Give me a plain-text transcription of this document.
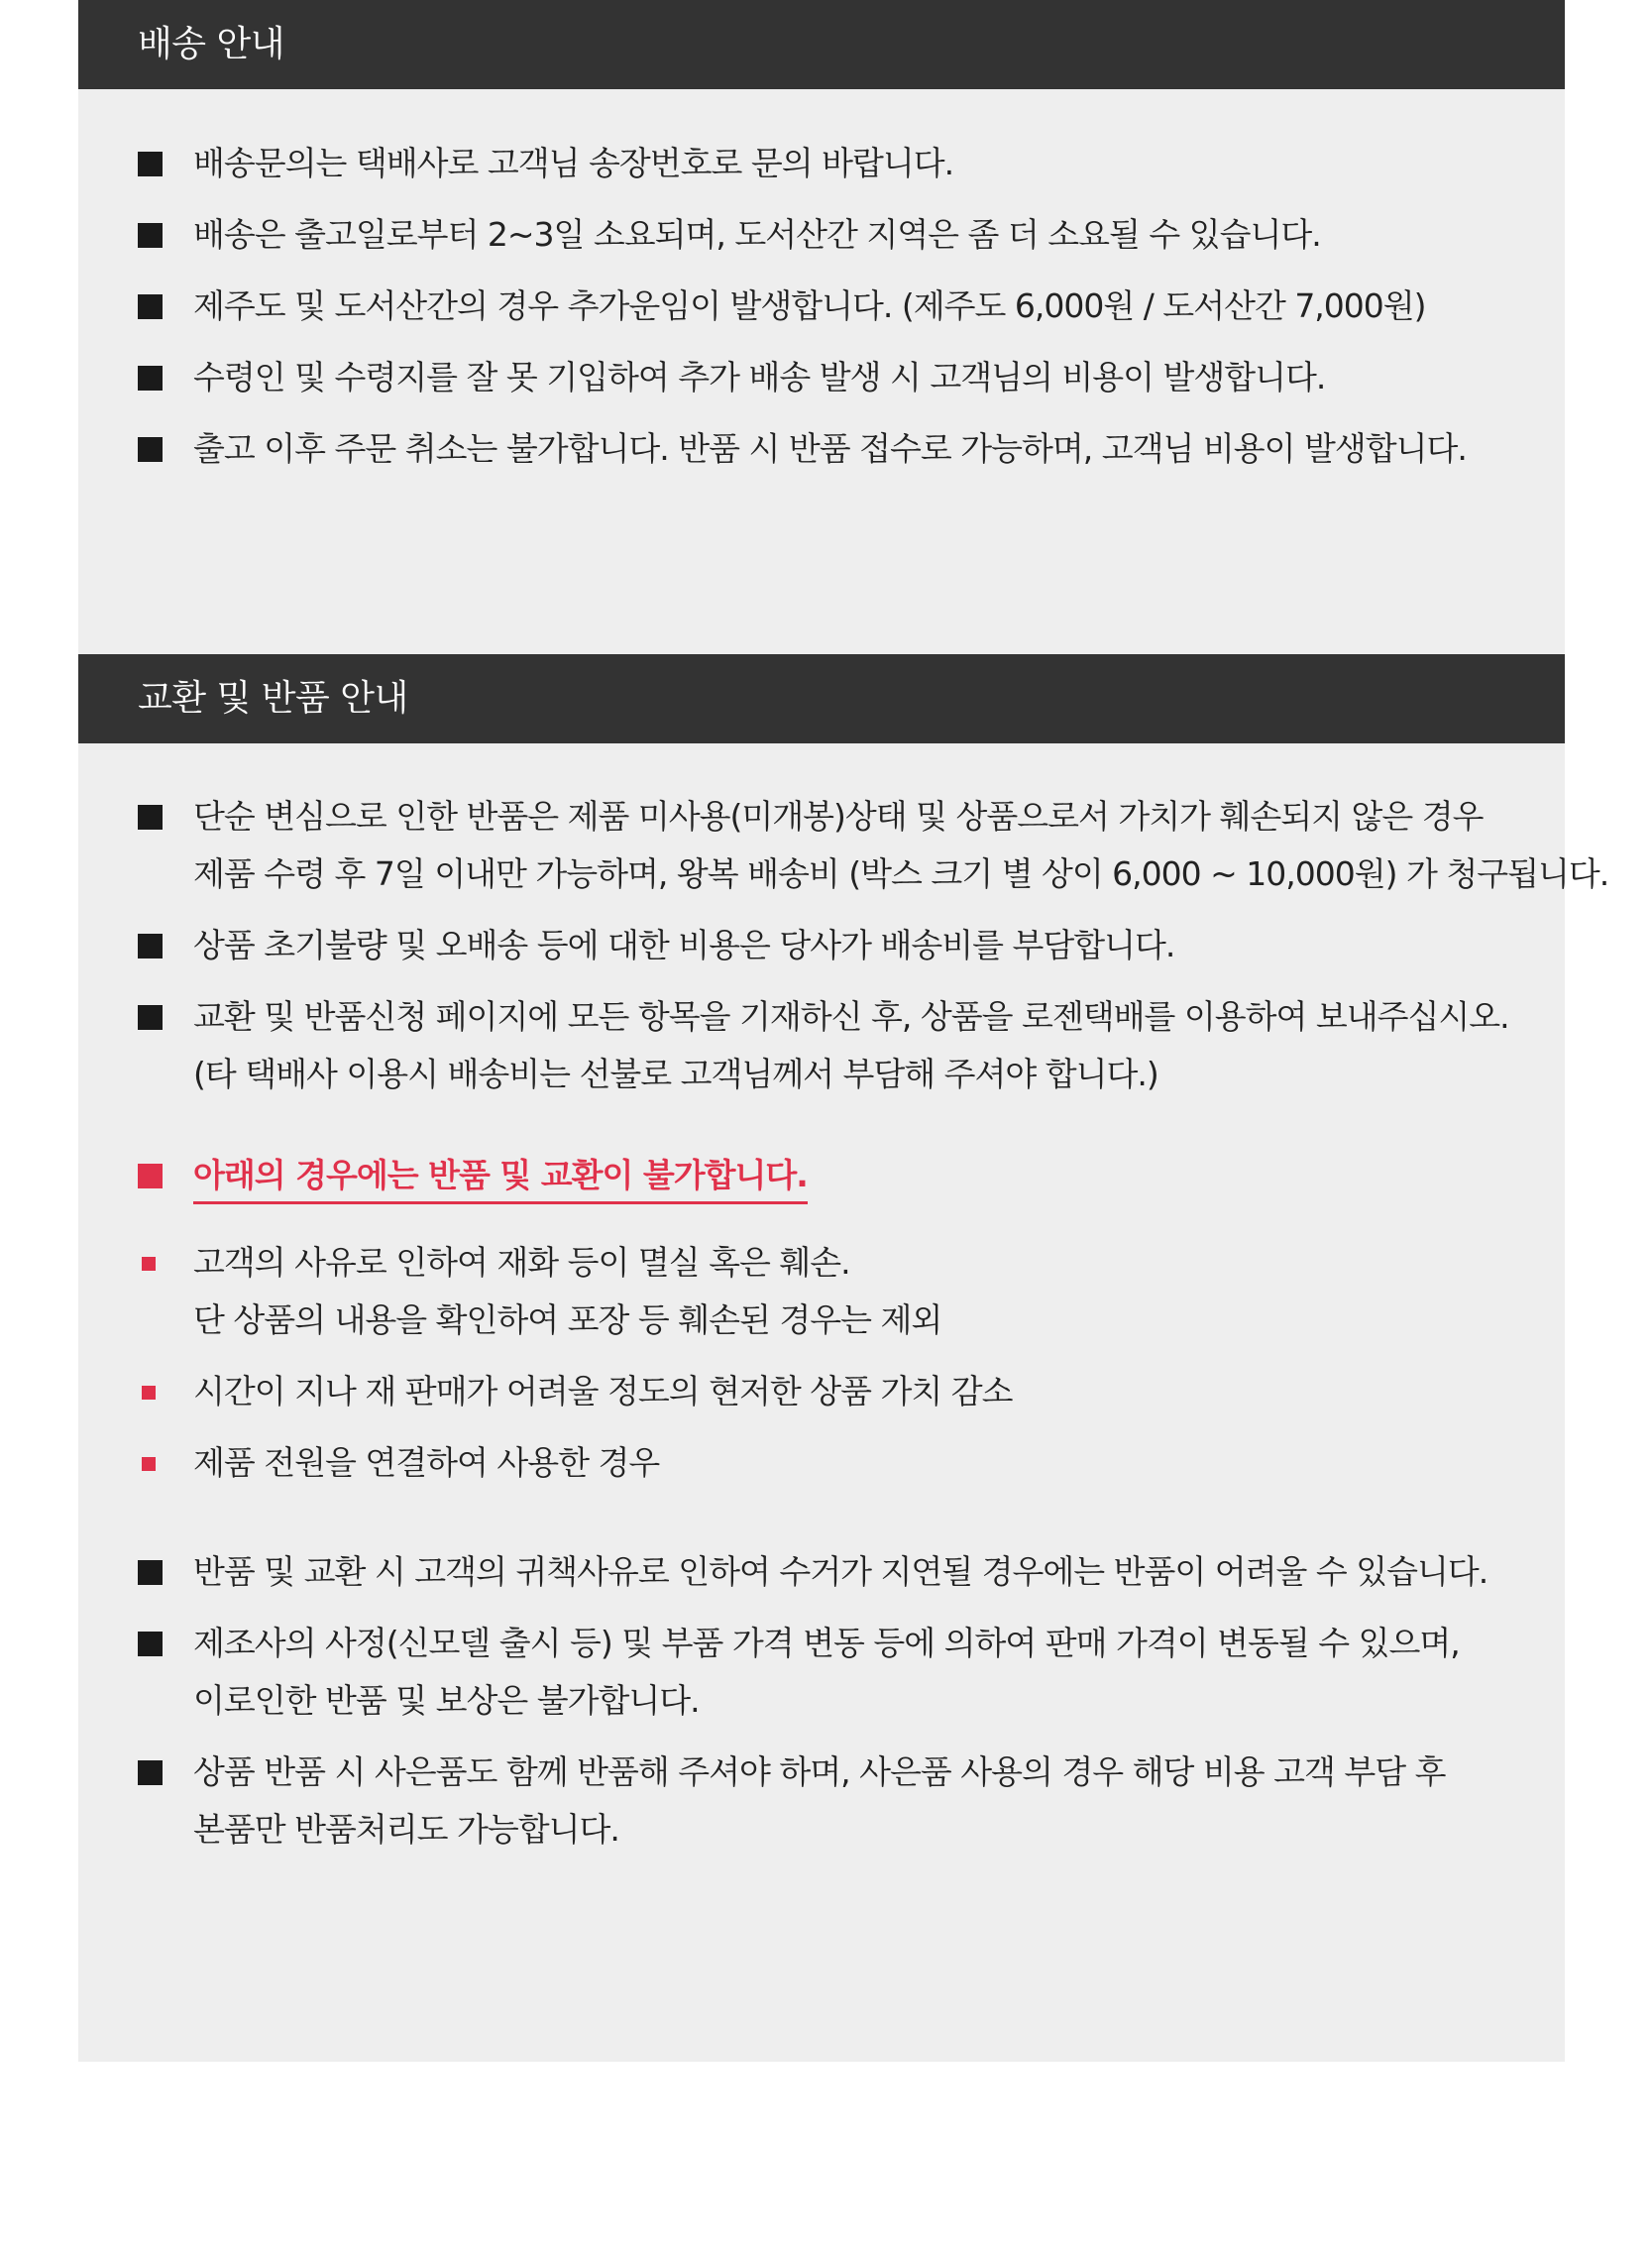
배송 안내
배송문의는 택배사로 고객님 송장번호로 문의 바랍니다.
배송은 출고일로부터 2~3일 소요되며, 도서산간 지역은 좀 더 소요될 수 있습니다.
제주도 및 도서산간의 경우 추가운임이 발생합니다. (제주도 6,000원 / 도서산간 7,000원)
수령인 및 수령지를 잘 못 기입하여 추가 배송 발생 시 고객님의 비용이 발생합니다.
출고 이후 주문 취소는 불가합니다. 반품 시 반품 접수로 가능하며, 고객님 비용이 발생합니다.
교환 및 반품 안내
단순 변심으로 인한 반품은 제품 미사용(미개봉)상태 및 상품으로서 가치가 훼손되지 않은 경우
제품 수령 후 7일 이내만 가능하며, 왕복 배송비 (박스 크기 별 상이 6,000 ~ 10,000원) 가 청구됩니다.
상품 초기불량 및 오배송 등에 대한 비용은 당사가 배송비를 부담합니다.
교환 및 반품신청 페이지에 모든 항목을 기재하신 후, 상품을 로젠택배를 이용하여 보내주십시오.
(타 택배사 이용시 배송비는 선불로 고객님께서 부담해 주셔야 합니다.)
아래의 경우에는 반품 및 교환이 불가합니다.
고객의 사유로 인하여 재화 등이 멸실 혹은 훼손.
단 상품의 내용을 확인하여 포장 등 훼손된 경우는 제외
시간이 지나 재 판매가 어려울 정도의 현저한 상품 가치 감소
제품 전원을 연결하여 사용한 경우
반품 및 교환 시 고객의 귀책사유로 인하여 수거가 지연될 경우에는 반품이 어려울 수 있습니다.
제조사의 사정(신모델 출시 등) 및 부품 가격 변동 등에 의하여 판매 가격이 변동될 수 있으며,
이로인한 반품 및 보상은 불가합니다.
상품 반품 시 사은품도 함께 반품해 주셔야 하며, 사은품 사용의 경우 해당 비용 고객 부담 후
본품만 반품처리도 가능합니다.
